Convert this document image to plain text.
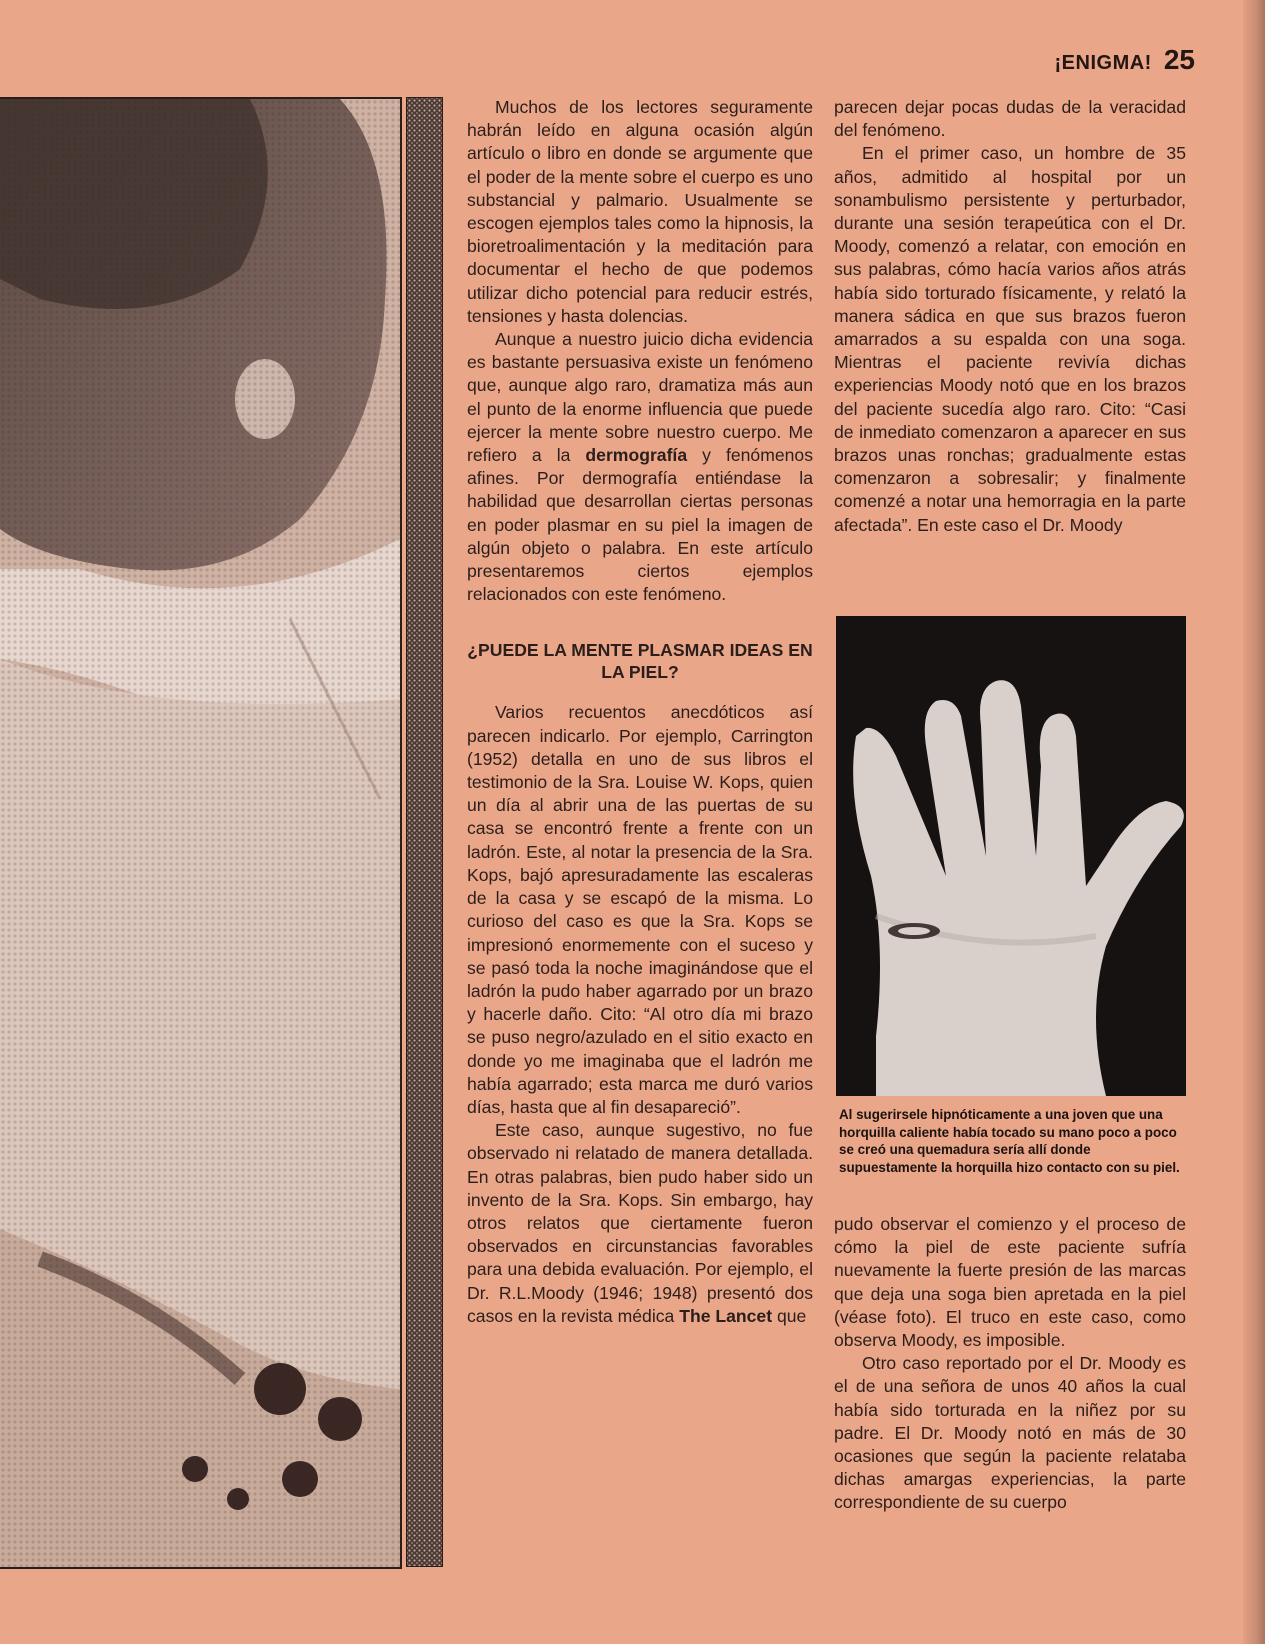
¡ENIGMA! 25

Muchos de los lectores seguramente habrán leído en alguna ocasión algún artículo o libro en donde se argumente que el poder de la mente sobre el cuerpo es uno substancial y palmario. Usualmente se escogen ejemplos tales como la hipnosis, la bioretroalimentación y la meditación para documentar el hecho de que podemos utilizar dicho potencial para reducir estrés, tensiones y hasta dolencias.

Aunque a nuestro juicio dicha evidencia es bastante persuasiva existe un fenómeno que, aunque algo raro, dramatiza más aun el punto de la enorme influencia que puede ejercer la mente sobre nuestro cuerpo. Me refiero a la dermografía y fenómenos afines. Por dermografía entiéndase la habilidad que desarrollan ciertas personas en poder plasmar en su piel la imagen de algún objeto o palabra. En este artículo presentaremos ciertos ejemplos relacionados con este fenómeno.

¿PUEDE LA MENTE PLASMAR IDEAS EN LA PIEL?

Varios recuentos anecdóticos así parecen indicarlo. Por ejemplo, Carrington (1952) detalla en uno de sus libros el testimonio de la Sra. Louise W. Kops, quien un día al abrir una de las puertas de su casa se encontró frente a frente con un ladrón. Este, al notar la presencia de la Sra. Kops, bajó apresuradamente las escaleras de la casa y se escapó de la misma. Lo curioso del caso es que la Sra. Kops se impresionó enormemente con el suceso y se pasó toda la noche imaginándose que el ladrón la pudo haber agarrado por un brazo y hacerle daño. Cito: “Al otro día mi brazo se puso negro/azulado en el sitio exacto en donde yo me imaginaba que el ladrón me había agarrado; esta marca me duró varios días, hasta que al fin desapareció”.

Este caso, aunque sugestivo, no fue observado ni relatado de manera detallada. En otras palabras, bien pudo haber sido un invento de la Sra. Kops. Sin embargo, hay otros relatos que ciertamente fueron observados en circunstancias favorables para una debida evaluación. Por ejemplo, el Dr. R.L.Moody (1946; 1948) presentó dos casos en la revista médica The Lancet que

parecen dejar pocas dudas de la veracidad del fenómeno.

En el primer caso, un hombre de 35 años, admitido al hospital por un sonambulismo persistente y perturbador, durante una sesión terapeútica con el Dr. Moody, comenzó a relatar, con emoción en sus palabras, cómo hacía varios años atrás había sido torturado físicamente, y relató la manera sádica en que sus brazos fueron amarrados a su espalda con una soga. Mientras el paciente revivía dichas experiencias Moody notó que en los brazos del paciente sucedía algo raro. Cito: “Casi de inmediato comenzaron a aparecer en sus brazos unas ronchas; gradualmente estas comenzaron a sobresalir; y finalmente comenzé a notar una hemorragia en la parte afectada”. En este caso el Dr. Moody

Al sugerirsele hipnóticamente a una joven que una horquilla caliente había tocado su mano poco a poco se creó una quemadura sería allí donde supuestamente la horquilla hizo contacto con su piel.

pudo observar el comienzo y el proceso de cómo la piel de este paciente sufría nuevamente la fuerte presión de las marcas que deja una soga bien apretada en la piel (véase foto). El truco en este caso, como observa Moody, es imposible.

Otro caso reportado por el Dr. Moody es el de una señora de unos 40 años la cual había sido torturada en la niñez por su padre. El Dr. Moody notó en más de 30 ocasiones que según la paciente relataba dichas amargas experiencias, la parte correspondiente de su cuerpo
